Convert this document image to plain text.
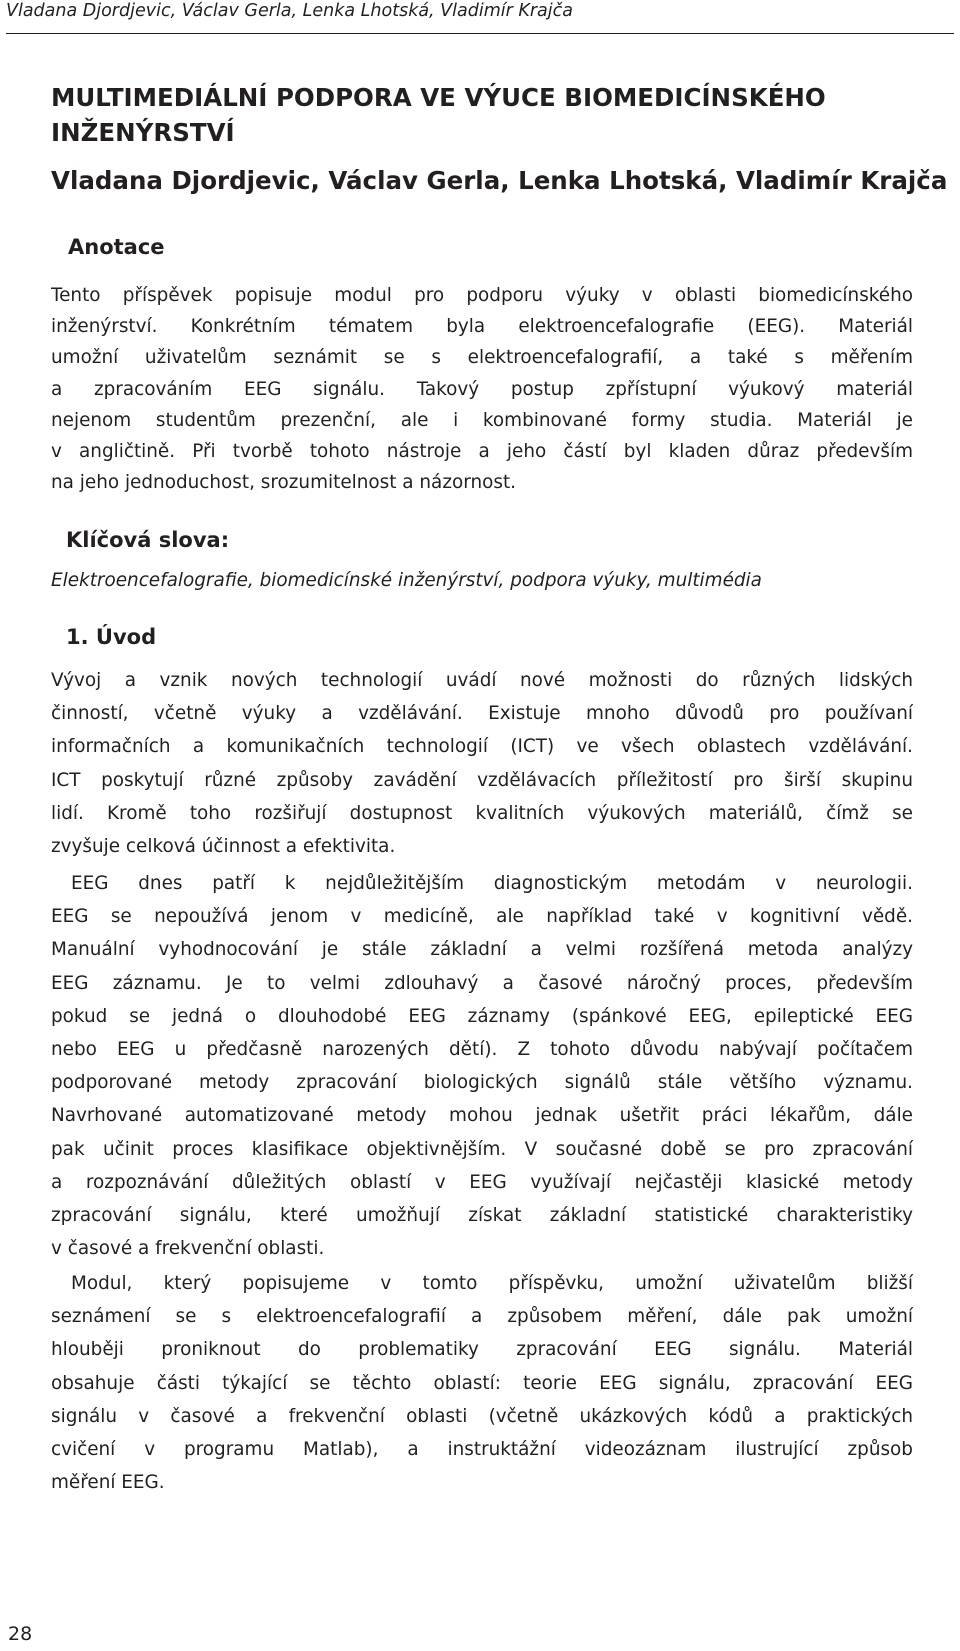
Vladana Djordjevic, Václav Gerla, Lenka Lhotská, Vladimír Krajča
MULTIMEDIÁLNÍ PODPORA VE VÝUCE BIOMEDICÍNSKÉHO
INŽENÝRSTVÍ
Vladana Djordjevic, Václav Gerla, Lenka Lhotská, Vladimír Krajča
Anotace
Tento příspěvek popisuje modul pro podporu výuky v oblasti biomedicínského
inženýrství. Konkrétním tématem byla elektroencefalografie (EEG). Materiál
umožní uživatelům seznámit se s elektroencefalografií, a také s měřením
a zpracováním EEG signálu. Takový postup zpřístupní výukový materiál
nejenom studentům prezenční, ale i kombinované formy studia. Materiál je
v angličtině. Při tvorbě tohoto nástroje a jeho částí byl kladen důraz především
na jeho jednoduchost, srozumitelnost a názornost.
Klíčová slova:
Elektroencefalografie, biomedicínské inženýrství, podpora výuky, multimédia
1. Úvod
Vývoj a vznik nových technologií uvádí nové možnosti do různých lidských
činností, včetně výuky a vzdělávání. Existuje mnoho důvodů pro používaní
informačních a komunikačních technologií (ICT) ve všech oblastech vzdělávání.
ICT poskytují různé způsoby zavádění vzdělávacích příležitostí pro širší skupinu
lidí. Kromě toho rozšiřují dostupnost kvalitních výukových materiálů, čímž se
zvyšuje celková účinnost a efektivita.
EEG dnes patří k nejdůležitějším diagnostickým metodám v neurologii.
EEG se nepoužívá jenom v medicíně, ale například také v kognitivní vědě.
Manuální vyhodnocování je stále základní a velmi rozšířená metoda analýzy
EEG záznamu. Je to velmi zdlouhavý a časové náročný proces, především
pokud se jedná o dlouhodobé EEG záznamy (spánkové EEG, epileptické EEG
nebo EEG u předčasně narozených dětí). Z tohoto důvodu nabývají počítačem
podporované metody zpracování biologických signálů stále většího významu.
Navrhované automatizované metody mohou jednak ušetřit práci lékařům, dále
pak učinit proces klasifikace objektivnějším. V současné době se pro zpracování
a rozpoznávání důležitých oblastí v EEG využívají nejčastěji klasické metody
zpracování signálu, které umožňují získat základní statistické charakteristiky
v časové a frekvenční oblasti.
Modul, který popisujeme v tomto příspěvku, umožní uživatelům bližší
seznámení se s elektroencefalografií a způsobem měření, dále pak umožní
hlouběji proniknout do problematiky zpracování EEG signálu. Materiál
obsahuje části týkající se těchto oblastí: teorie EEG signálu, zpracování EEG
signálu v časové a frekvenční oblasti (včetně ukázkových kódů a praktických
cvičení v programu Matlab), a instruktážní videozáznam ilustrující způsob
měření EEG.
28
